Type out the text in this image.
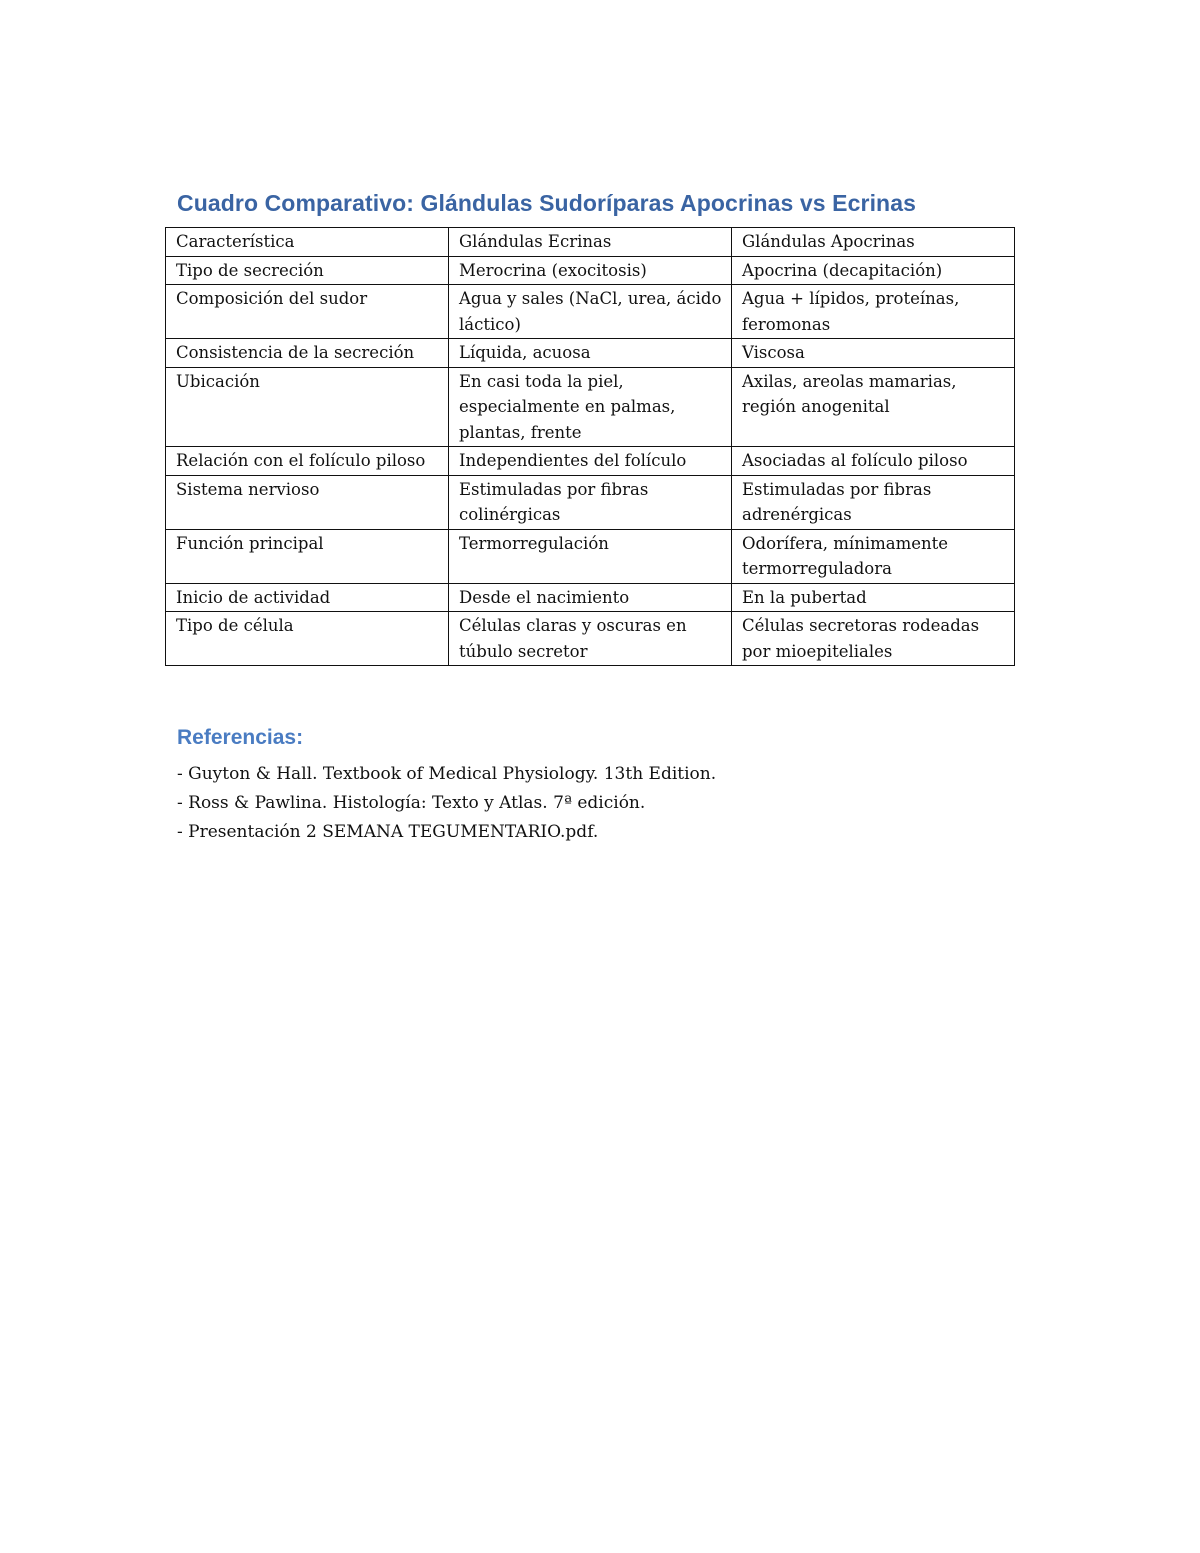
Cuadro Comparativo: Glándulas Sudoríparas Apocrinas vs Ecrinas
Característica	Glándulas Ecrinas	Glándulas Apocrinas
Tipo de secreción	Merocrina (exocitosis)	Apocrina (decapitación)
Composición del sudor	Agua y sales (NaCl, urea, ácido láctico)	Agua + lípidos, proteínas, feromonas
Consistencia de la secreción	Líquida, acuosa	Viscosa
Ubicación	En casi toda la piel, especialmente en palmas, plantas, frente	Axilas, areolas mamarias, región anogenital
Relación con el folículo piloso	Independientes del folículo	Asociadas al folículo piloso
Sistema nervioso	Estimuladas por fibras colinérgicas	Estimuladas por fibras adrenérgicas
Función principal	Termorregulación	Odorífera, mínimamente termorreguladora
Inicio de actividad	Desde el nacimiento	En la pubertad
Tipo de célula	Células claras y oscuras en túbulo secretor	Células secretoras rodeadas por mioepiteliales
Referencias:
- Guyton & Hall. Textbook of Medical Physiology. 13th Edition.
- Ross & Pawlina. Histología: Texto y Atlas. 7ª edición.
- Presentación 2 SEMANA TEGUMENTARIO.pdf.
